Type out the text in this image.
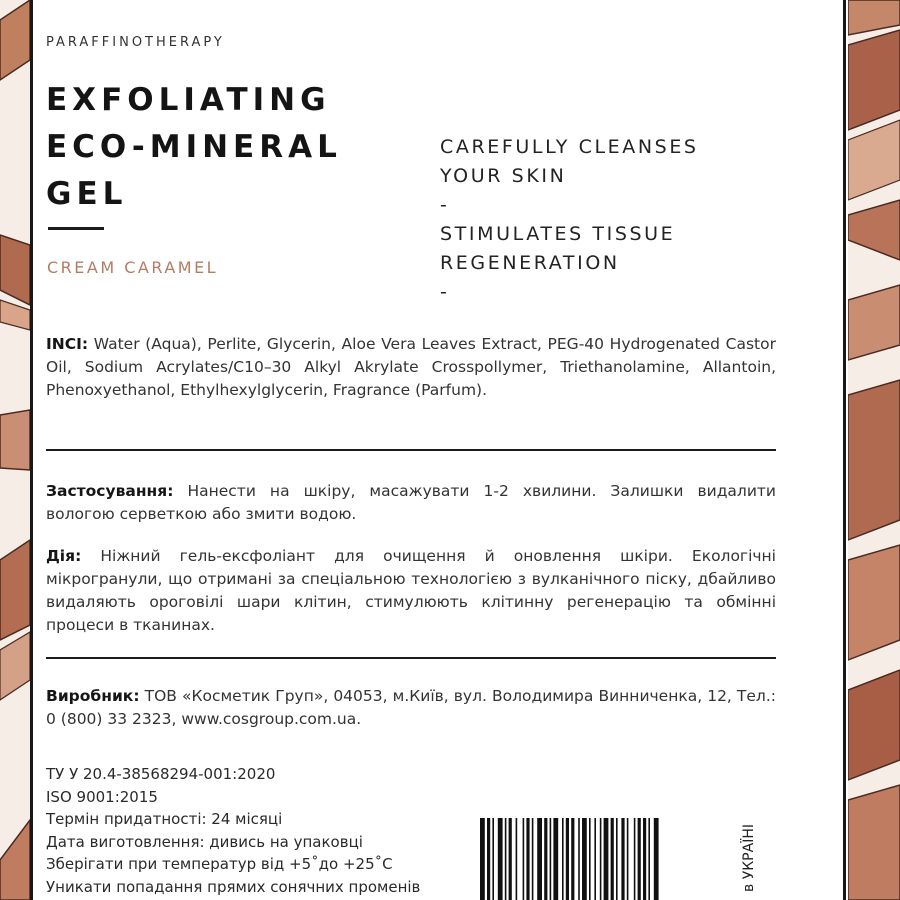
PARAFFINOTHERAPY
EXFOLIATING
ECO-MINERAL
GEL
CREAM CARAMEL
CAREFULLY CLEANSES
YOUR SKIN
-
STIMULATES TISSUE
REGENERATION
-
INCI: Water (Aqua), Perlite, Glycerin, Aloe Vera Leaves Extract, PEG-40 Hydrogenated Castor Oil, Sodium Acrylates/C10–30 Alkyl Akrylate Crosspollymer, Triethanolamine, Allantoin, Phenoxyethanol, Ethylhexylglycerin, Fragrance (Parfum).
Застосування: Нанести на шкіру, масажувати 1-2 хвилини. Залишки видалити вологою серветкою або змити водою.
Дія: Ніжний гель-ексфоліант для очищення й оновлення шкіри. Екологічні мікрогранули, що отримані за спеціальною технологією з вулканічного піску, дбайливо видаляють ороговілі шари клітин, стимулюють клітинну регенерацію та обмінні процеси в тканинах.
Виробник: ТОВ «Косметик Груп», 04053, м.Київ, вул. Володимира Винниченка, 12, Тел.: 0 (800) 33 2323, www.cosgroup.com.ua.
ТУ У 20.4-38568294-001:2020
ISO 9001:2015
Термін придатності: 24 місяці
Дата виготовлення: дивись на упаковці
Зберігати при температур від +5˚до +25˚С
Уникати попадання прямих сонячних променів	в УКРАЇНІ
